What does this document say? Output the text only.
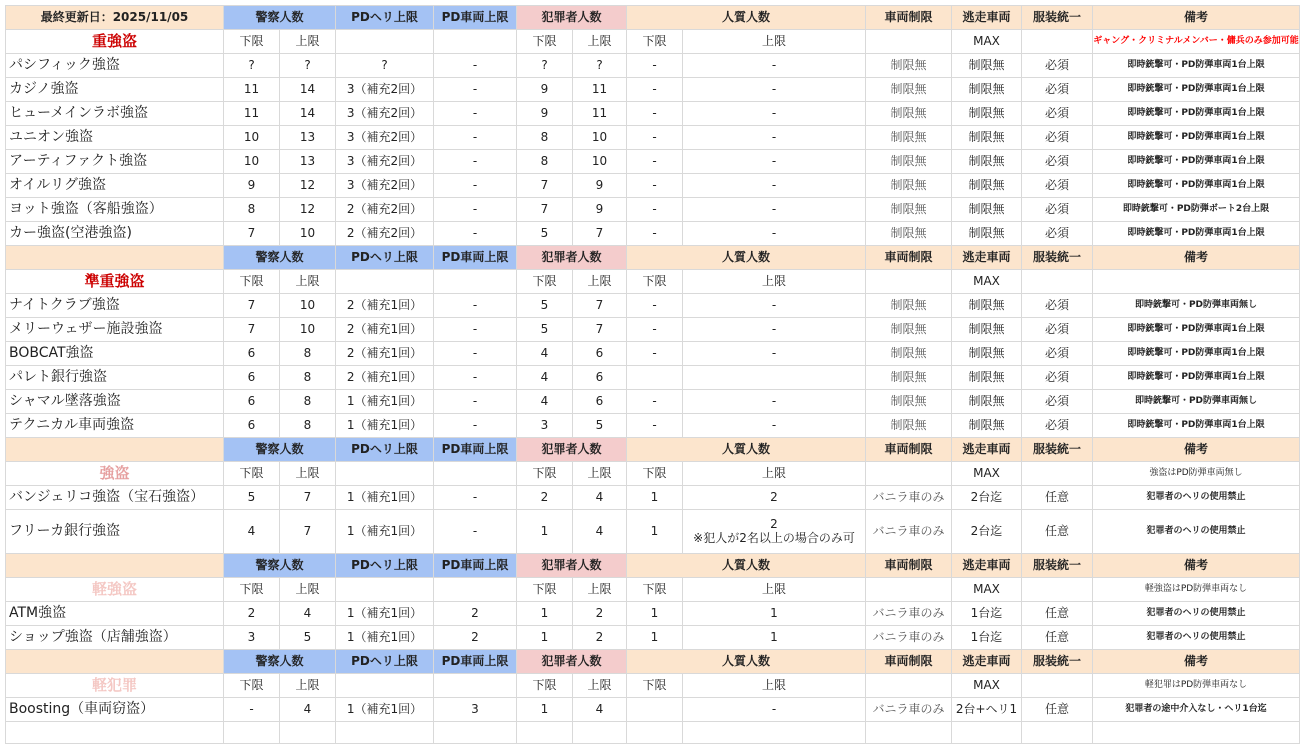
最終更新日：2025/11/05	警察人数		PDヘリ上限	PD車両上限	犯罪者人数		人質人数		車両制限	逃走車両	服装統一	備考
重強盗	下限	上限			下限	上限	下限	上限		MAX		ギャング・クリミナルメンバー・傭兵のみ参加可能
パシフィック強盗	?	?	?	-	?	?	-	-	制限無	制限無	必須	即時銃撃可・PD防弾車両1台上限
カジノ強盗	11	14	3（補充2回）	-	9	11	-	-	制限無	制限無	必須	即時銃撃可・PD防弾車両1台上限
ヒューメインラボ強盗	11	14	3（補充2回）	-	9	11	-	-	制限無	制限無	必須	即時銃撃可・PD防弾車両1台上限
ユニオン強盗	10	13	3（補充2回）	-	8	10	-	-	制限無	制限無	必須	即時銃撃可・PD防弾車両1台上限
アーティファクト強盗	10	13	3（補充2回）	-	8	10	-	-	制限無	制限無	必須	即時銃撃可・PD防弾車両1台上限
オイルリグ強盗	9	12	3（補充2回）	-	7	9	-	-	制限無	制限無	必須	即時銃撃可・PD防弾車両1台上限
ヨット強盗（客船強盗）	8	12	2（補充2回）	-	7	9	-	-	制限無	制限無	必須	即時銃撃可・PD防弾ボート2台上限
カー強盗(空港強盗)	7	10	2（補充2回）	-	5	7	-	-	制限無	制限無	必須	即時銃撃可・PD防弾車両1台上限
	警察人数		PDヘリ上限	PD車両上限	犯罪者人数		人質人数		車両制限	逃走車両	服装統一	備考
準重強盗	下限	上限			下限	上限	下限	上限		MAX		
ナイトクラブ強盗	7	10	2（補充1回）	-	5	7	-	-	制限無	制限無	必須	即時銃撃可・PD防弾車両無し
メリーウェザー施設強盗	7	10	2（補充1回）	-	5	7	-	-	制限無	制限無	必須	即時銃撃可・PD防弾車両1台上限
BOBCAT強盗	6	8	2（補充1回）	-	4	6	-	-	制限無	制限無	必須	即時銃撃可・PD防弾車両1台上限
パレト銀行強盗	6	8	2（補充1回）	-	4	6			制限無	制限無	必須	即時銃撃可・PD防弾車両1台上限
シャマル墜落強盗	6	8	1（補充1回）	-	4	6	-	-	制限無	制限無	必須	即時銃撃可・PD防弾車両無し
テクニカル車両強盗	6	8	1（補充1回）	-	3	5	-	-	制限無	制限無	必須	即時銃撃可・PD防弾車両1台上限
	警察人数		PDヘリ上限	PD車両上限	犯罪者人数		人質人数		車両制限	逃走車両	服装統一	備考
強盗	下限	上限			下限	上限	下限	上限		MAX		強盗はPD防弾車両無し
バンジェリコ強盗（宝石強盗）	5	7	1（補充1回）	-	2	4	1	2	バニラ車のみ	2台迄	任意	犯罪者のヘリの使用禁止
フリーカ銀行強盗	4	7	1（補充1回）	-	1	4	1	2
※犯人が2名以上の場合のみ可	バニラ車のみ	2台迄	任意	犯罪者のヘリの使用禁止
	警察人数		PDヘリ上限	PD車両上限	犯罪者人数		人質人数		車両制限	逃走車両	服装統一	備考
軽強盗	下限	上限			下限	上限	下限	上限		MAX		軽強盗はPD防弾車両なし
ATM強盗	2	4	1（補充1回）	2	1	2	1	1	バニラ車のみ	1台迄	任意	犯罪者のヘリの使用禁止
ショップ強盗（店舗強盗）	3	5	1（補充1回）	2	1	2	1	1	バニラ車のみ	1台迄	任意	犯罪者のヘリの使用禁止
	警察人数		PDヘリ上限	PD車両上限	犯罪者人数		人質人数		車両制限	逃走車両	服装統一	備考
軽犯罪	下限	上限			下限	上限	下限	上限		MAX		軽犯罪はPD防弾車両なし
Boosting（車両窃盗）	-	4	1（補充1回）	3	1	4		-	バニラ車のみ	2台+ヘリ1	任意	犯罪者の途中介入なし・ヘリ1台迄
